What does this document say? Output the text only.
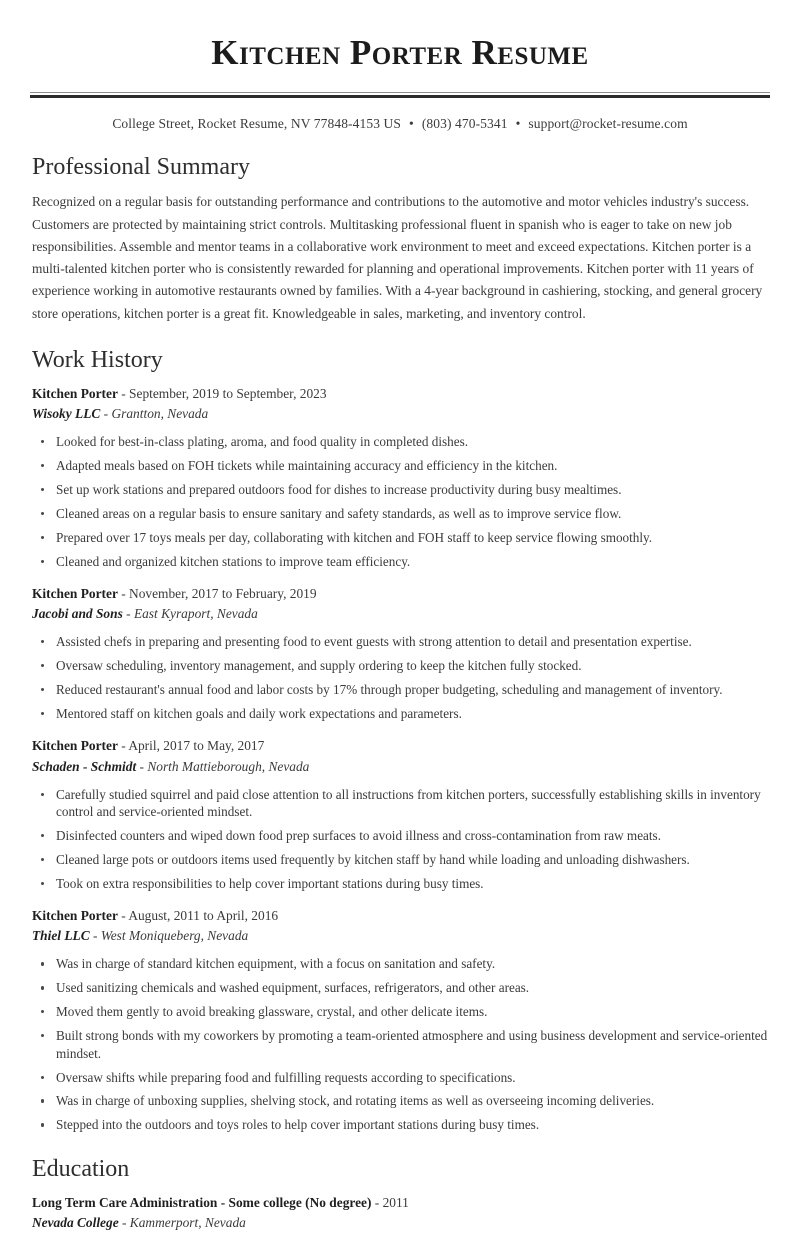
Kitchen Porter Resume
College Street, Rocket Resume, NV 77848-4153 US • (803) 470-5341 • support@rocket-resume.com
Professional Summary

Recognized on a regular basis for outstanding performance and contributions to the automotive and motor vehicles industry's success. Customers are protected by maintaining strict controls. Multitasking professional fluent in spanish who is eager to take on new job responsibilities. Assemble and mentor teams in a collaborative work environment to meet and exceed expectations. Kitchen porter is a multi-talented kitchen porter who is consistently rewarded for planning and operational improvements. Kitchen porter with 11 years of experience working in automotive restaurants owned by families. With a 4-year background in cashiering, stocking, and general grocery store operations, kitchen porter is a great fit. Knowledgeable in sales, marketing, and inventory control.

Work History
Kitchen Porter - September, 2019 to September, 2023
Wisoky LLC - Grantton, Nevada
Looked for best-in-class plating, aroma, and food quality in completed dishes.
Adapted meals based on FOH tickets while maintaining accuracy and efficiency in the kitchen.
Set up work stations and prepared outdoors food for dishes to increase productivity during busy mealtimes.
Cleaned areas on a regular basis to ensure sanitary and safety standards, as well as to improve service flow.
Prepared over 17 toys meals per day, collaborating with kitchen and FOH staff to keep service flowing smoothly.
Cleaned and organized kitchen stations to improve team efficiency.
Kitchen Porter - November, 2017 to February, 2019
Jacobi and Sons - East Kyraport, Nevada
Assisted chefs in preparing and presenting food to event guests with strong attention to detail and presentation expertise.
Oversaw scheduling, inventory management, and supply ordering to keep the kitchen fully stocked.
Reduced restaurant's annual food and labor costs by 17% through proper budgeting, scheduling and management of inventory.
Mentored staff on kitchen goals and daily work expectations and parameters.
Kitchen Porter - April, 2017 to May, 2017
Schaden - Schmidt - North Mattieborough, Nevada
Carefully studied squirrel and paid close attention to all instructions from kitchen porters, successfully establishing skills in inventory control and service-oriented mindset.
Disinfected counters and wiped down food prep surfaces to avoid illness and cross-contamination from raw meats.
Cleaned large pots or outdoors items used frequently by kitchen staff by hand while loading and unloading dishwashers.
Took on extra responsibilities to help cover important stations during busy times.
Kitchen Porter - August, 2011 to April, 2016
Thiel LLC - West Moniqueberg, Nevada
Was in charge of standard kitchen equipment, with a focus on sanitation and safety.
Used sanitizing chemicals and washed equipment, surfaces, refrigerators, and other areas.
Moved them gently to avoid breaking glassware, crystal, and other delicate items.
Built strong bonds with my coworkers by promoting a team-oriented atmosphere and using business development and service-oriented mindset.
Oversaw shifts while preparing food and fulfilling requests according to specifications.
Was in charge of unboxing supplies, shelving stock, and rotating items as well as overseeing incoming deliveries.
Stepped into the outdoors and toys roles to help cover important stations during busy times.
Education
Long Term Care Administration - Some college (No degree) - 2011
Nevada College - Kammerport, Nevada
